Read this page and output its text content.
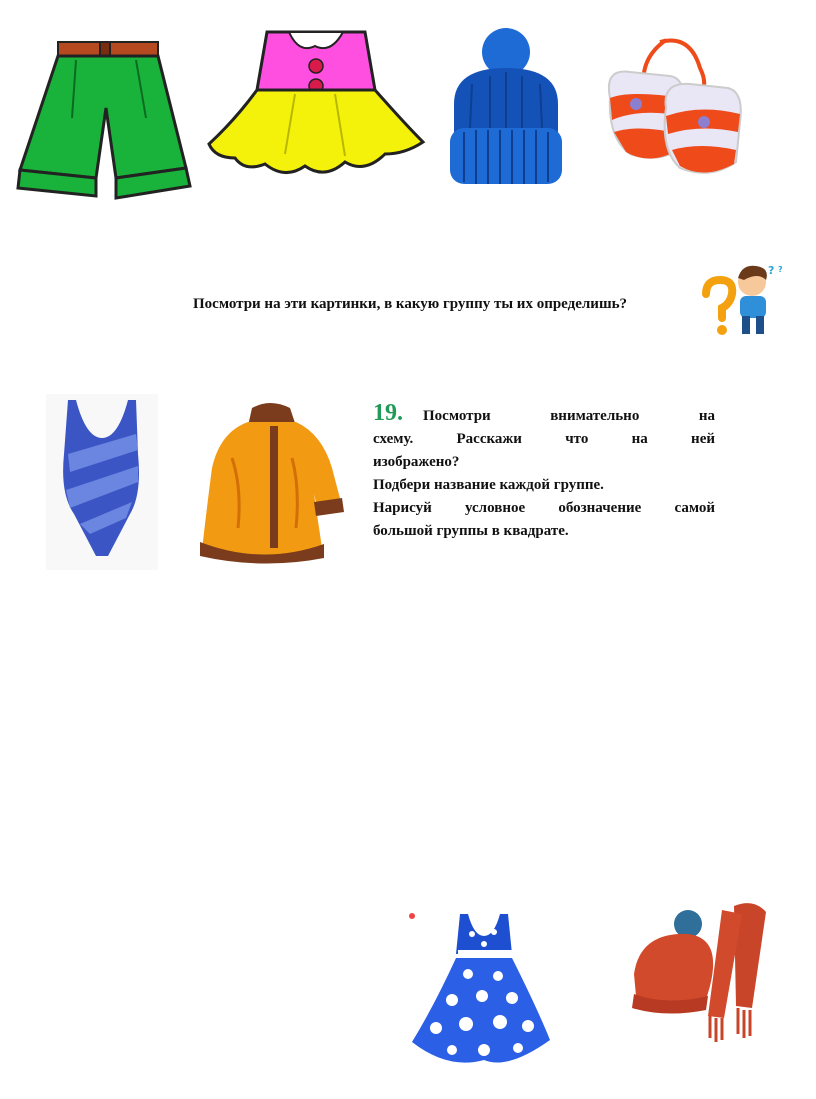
Посмотри на эти картинки, в какую группу ты их определишь?
? ?

19. Посмотри внимательно на

схему. Расскажи что на ней

изображено?

Подбери название каждой группе.

Нарисуй условное обозначение самой

большой группы в квадрате.
